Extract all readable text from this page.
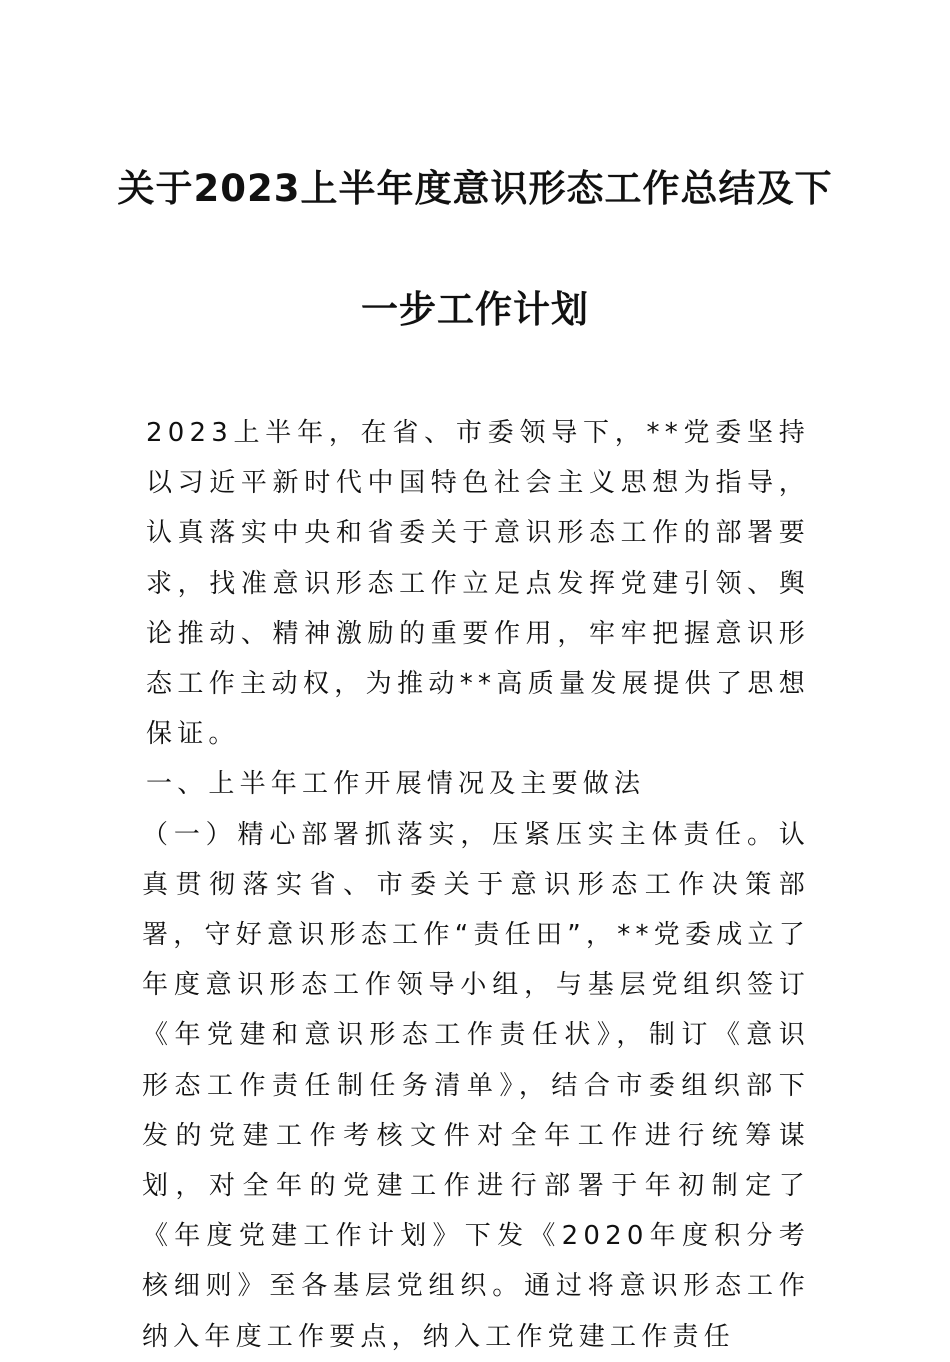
关于2023上半年度意识形态工作总结及下
一步工作计划

2023上半年，在省、市委领导下，**党委坚持以习近平新时代中国特色社会主义思想为指导，认真落实中央和省委关于意识形态工作的部署要求，找准意识形态工作立足点发挥党建引领、舆论推动、精神激励的重要作用，牢牢把握意识形态工作主动权，为推动**高质量发展提供了思想保证。

一、上半年工作开展情况及主要做法

（一）精心部署抓落实，压紧压实主体责任。认真贯彻落实省、市委关于意识形态工作决策部署，守好意识形态工作“责任田”，**党委成立了年度意识形态工作领导小组，与基层党组织签订《年党建和意识形态工作责任状》，制订《意识形态工作责任制任务清单》，结合市委组织部下发的党建工作考核文件对全年工作进行统筹谋划，对全年的党建工作进行部署于年初制定了《年度党建工作计划》下发《2020年度积分考核细则》至各基层党组织。通过将意识形态工作纳入年度工作要点，纳入工作党建工作责任
